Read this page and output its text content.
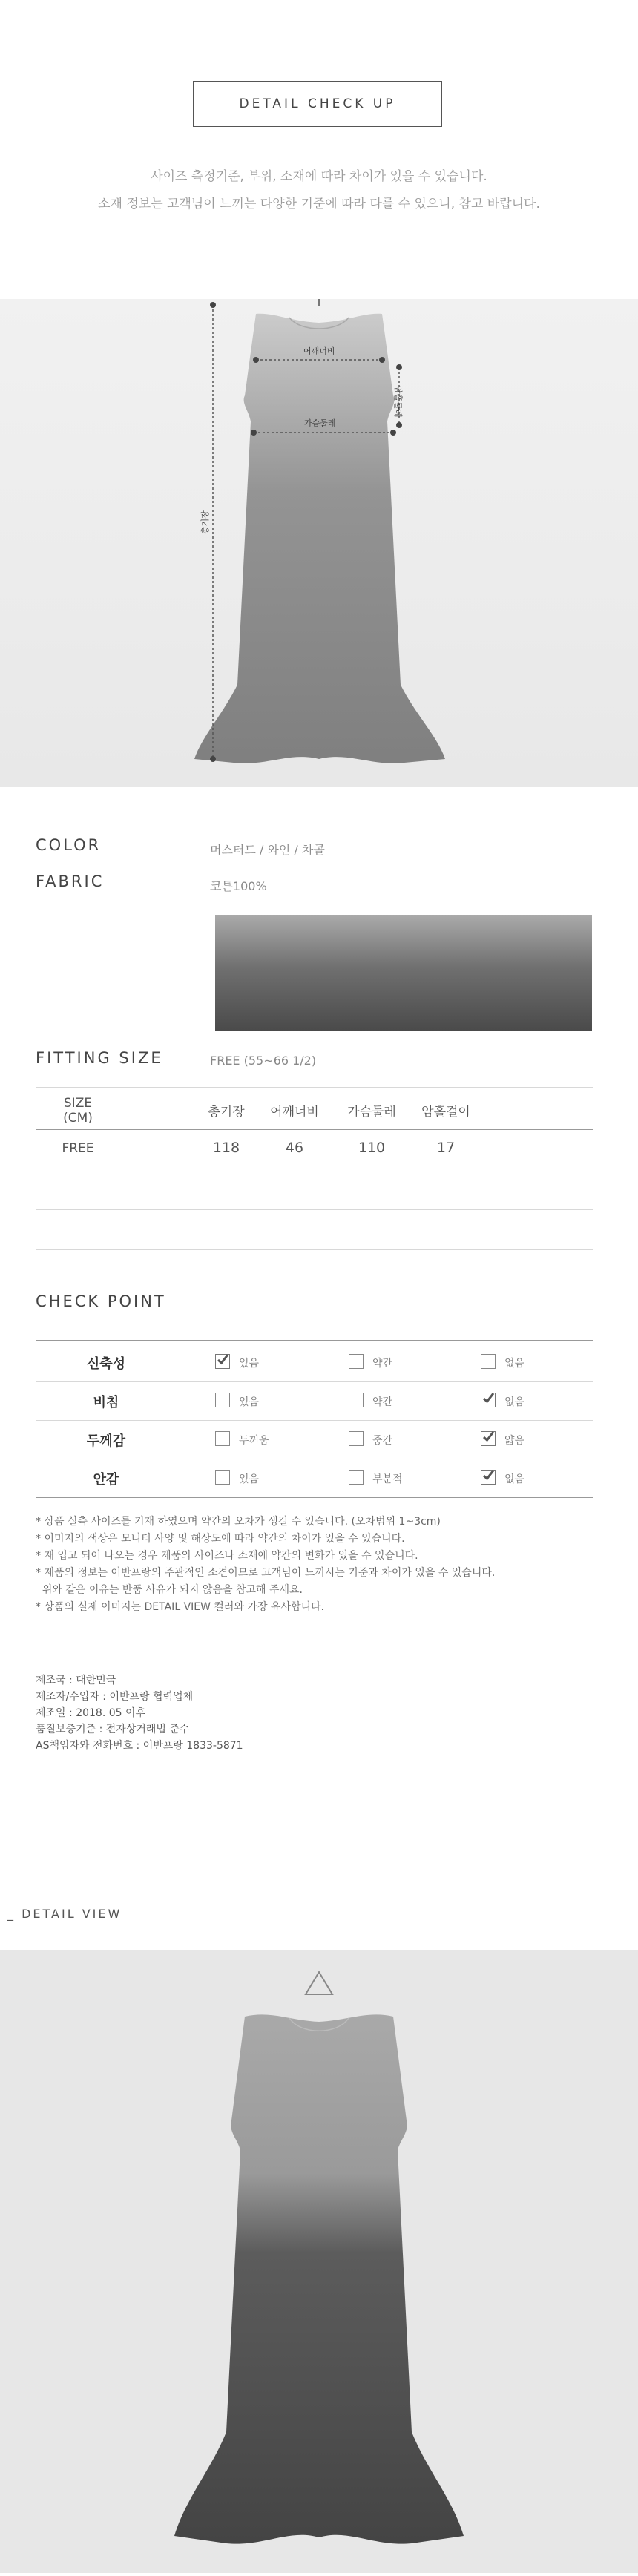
DETAIL CHECK UP
사이즈 측정기준, 부위, 소재에 따라 차이가 있을 수 있습니다.
소재 정보는 고객님이 느끼는 다양한 기준에 따라 다를 수 있으니, 참고 바랍니다.
어깨너비
가슴둘레
암홀둘레
총기장
COLOR	머스터드 / 와인 / 차콜
FABRIC	코튼100%
FITTING SIZE	FREE (55~66 1/2)
SIZE
(CM)	총기장	어깨너비	가슴둘레	암홀걸이
FREE	118	46	110	17
CHECK POINT
신축성	있음	약간	없음
비침	있음	약간	없음
두께감	두꺼움	중간	얇음
안감	있음	부분적	없음
* 상품 실측 사이즈를 기재 하였으며 약간의 오차가 생길 수 있습니다. (오차범위 1~3cm)
* 이미지의 색상은 모니터 사양 및 해상도에 따라 약간의 차이가 있을 수 있습니다.
* 재 입고 되어 나오는 경우 제품의 사이즈나 소재에 약간의 변화가 있을 수 있습니다.
* 제품의 정보는 어반프랑의 주관적인 소견이므로 고객님이 느끼시는 기준과 차이가 있을 수 있습니다.
위와 같은 이유는 반품 사유가 되지 않음을 참고해 주세요.
* 상품의 실제 이미지는 DETAIL VIEW 컬러와 가장 유사합니다.
제조국 : 대한민국
제조자/수입자 : 어반프랑 협력업체
제조일 : 2018. 05 이후
품질보증기준 : 전자상거래법 준수
AS책임자와 전화번호 : 어반프랑 1833-5871
_ DETAIL VIEW
